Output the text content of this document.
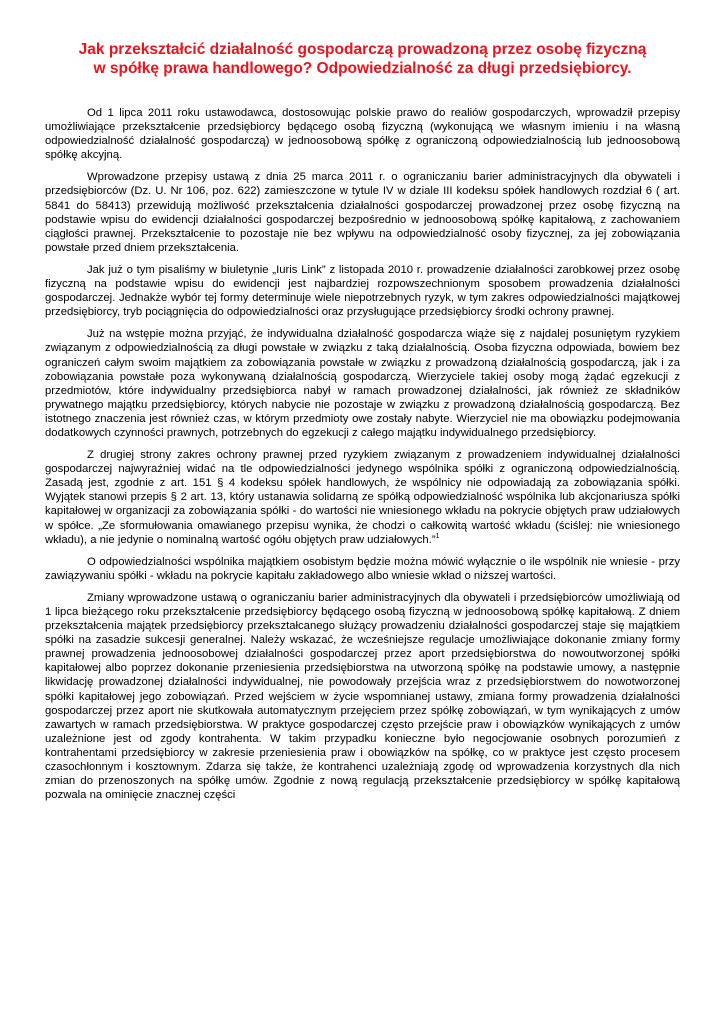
Jak przekształcić działalność gospodarczą prowadzoną przez osobę fizyczną
w spółkę prawa handlowego? Odpowiedzialność za długi przedsiębiorcy.

Od 1 lipca 2011 roku ustawodawca, dostosowując polskie prawo do realiów gospodarczych, wprowadził przepisy umożliwiające przekształcenie przedsiębiorcy będącego osobą fizyczną (wykonującą we własnym imieniu i na własną odpowiedzialność działalność gospodarczą) w jednoosobową spółkę z ograniczoną odpowiedzialnością lub jednoosobową spółkę akcyjną.

Wprowadzone przepisy ustawą z dnia 25 marca 2011 r. o ograniczaniu barier administracyjnych dla obywateli i przedsiębiorców (Dz. U. Nr 106, poz. 622) zamieszczone w tytule IV w dziale III kodeksu spółek handlowych rozdział 6 ( art. 5841 do 58413) przewidują możliwość przekształcenia działalności gospodarczej prowadzonej przez osobę fizyczną na podstawie wpisu do ewidencji działalności gospodarczej bezpośrednio w jednoosobową spółkę kapitałową, z zachowaniem ciągłości prawnej. Przekształcenie to pozostaje nie bez wpływu na odpowiedzialność osoby fizycznej, za jej zobowiązania powstałe przed dniem przekształcenia.

Jak już o tym pisaliśmy w biuletynie „Iuris Link” z listopada 2010 r. prowadzenie działalności zarobkowej przez osobę fizyczną na podstawie wpisu do ewidencji jest najbardziej rozpowszechnionym sposobem prowadzenia działalności gospodarczej. Jednakże wybór tej formy determinuje wiele niepotrzebnych ryzyk, w tym zakres odpowiedzialności majątkowej przedsiębiorcy, tryb pociągnięcia do odpowiedzialności oraz przysługujące przedsiębiorcy środki ochrony prawnej.

Już na wstępie można przyjąć, że indywidualna działalność gospodarcza wiąże się z najdalej posuniętym ryzykiem związanym z odpowiedzialnością za długi powstałe w związku z taką działalnością. Osoba fizyczna odpowiada, bowiem bez ograniczeń całym swoim majątkiem za zobowiązania powstałe w związku z prowadzoną działalnością gospodarczą, jak i za zobowiązania powstałe poza wykonywaną działalnością gospodarczą. Wierzyciele takiej osoby mogą żądać egzekucji z przedmiotów, które indywidualny przedsiębiorca nabył w ramach prowadzonej działalności, jak również ze składników prywatnego majątku przedsiębiorcy, których nabycie nie pozostaje w związku z prowadzoną działalnością gospodarczą. Bez istotnego znaczenia jest również czas, w którym przedmioty owe zostały nabyte. Wierzyciel nie ma obowiązku podejmowania dodatkowych czynności prawnych, potrzebnych do egzekucji z całego majątku indywidualnego przedsiębiorcy.

Z drugiej strony zakres ochrony prawnej przed ryzykiem związanym z prowadzeniem indywidualnej działalności gospodarczej najwyraźniej widać na tle odpowiedzialności jedynego wspólnika spółki z ograniczoną odpowiedzialnością. Zasadą jest, zgodnie z art. 151 § 4 kodeksu spółek handlowych, że wspólnicy nie odpowiadają za zobowiązania spółki. Wyjątek stanowi przepis § 2 art. 13, który ustanawia solidarną ze spółką odpowiedzialność wspólnika lub akcjonariusza spółki kapitałowej w organizacji za zobowiązania spółki - do wartości nie wniesionego wkładu na pokrycie objętych praw udziałowych w spółce. „Ze sformułowania omawianego przepisu wynika, że chodzi o całkowitą wartość wkładu (ściślej: nie wniesionego wkładu), a nie jedynie o nominalną wartość ogółu objętych praw udziałowych.”$^1$

O odpowiedzialności wspólnika majątkiem osobistym będzie można mówić wyłącznie o ile wspólnik nie wniesie - przy zawiązywaniu spółki - wkładu na pokrycie kapitału zakładowego albo wniesie wkład o niższej wartości.

Zmiany wprowadzone ustawą o ograniczaniu barier administracyjnych dla obywateli i przedsiębiorców umożliwiają od 1 lipca bieżącego roku przekształcenie przedsiębiorcy będącego osobą fizyczną w jednoosobową spółkę kapitałową. Z dniem przekształcenia majątek przedsiębiorcy przekształcanego służący prowadzeniu działalności gospodarczej staje się majątkiem spółki na zasadzie sukcesji generalnej. Należy wskazać, że wcześniejsze regulacje umożliwiające dokonanie zmiany formy prawnej prowadzenia jednoosobowej działalności gospodarczej przez aport przedsiębiorstwa do nowoutworzonej spółki kapitałowej albo poprzez dokonanie przeniesienia przedsiębiorstwa na utworzoną spółkę na podstawie umowy, a następnie likwidację prowadzonej działalności indywidualnej, nie powodowały przejścia wraz z przedsiębiorstwem do nowotworzonej spółki kapitałowej jego zobowiązań. Przed wejściem w życie wspomnianej ustawy, zmiana formy prowadzenia działalności gospodarczej przez aport nie skutkowała automatycznym przejęciem przez spółkę zobowiązań, w tym wynikających z umów zawartych w ramach przedsiębiorstwa. W praktyce gospodarczej często przejście praw i obowiązków wynikających z umów uzależnione jest od zgody kontrahenta. W takim przypadku konieczne było negocjowanie osobnych porozumień z kontrahentami przedsiębiorcy w zakresie przeniesienia praw i obowiązków na spółkę, co w praktyce jest często procesem czasochłonnym i kosztownym. Zdarza się także, że kontrahenci uzależniają zgodę od wprowadzenia korzystnych dla nich zmian do przenoszonych na spółkę umów. Zgodnie z nową regulacją przekształcenie przedsiębiorcy w spółkę kapitałową pozwala na ominięcie znacznej części
